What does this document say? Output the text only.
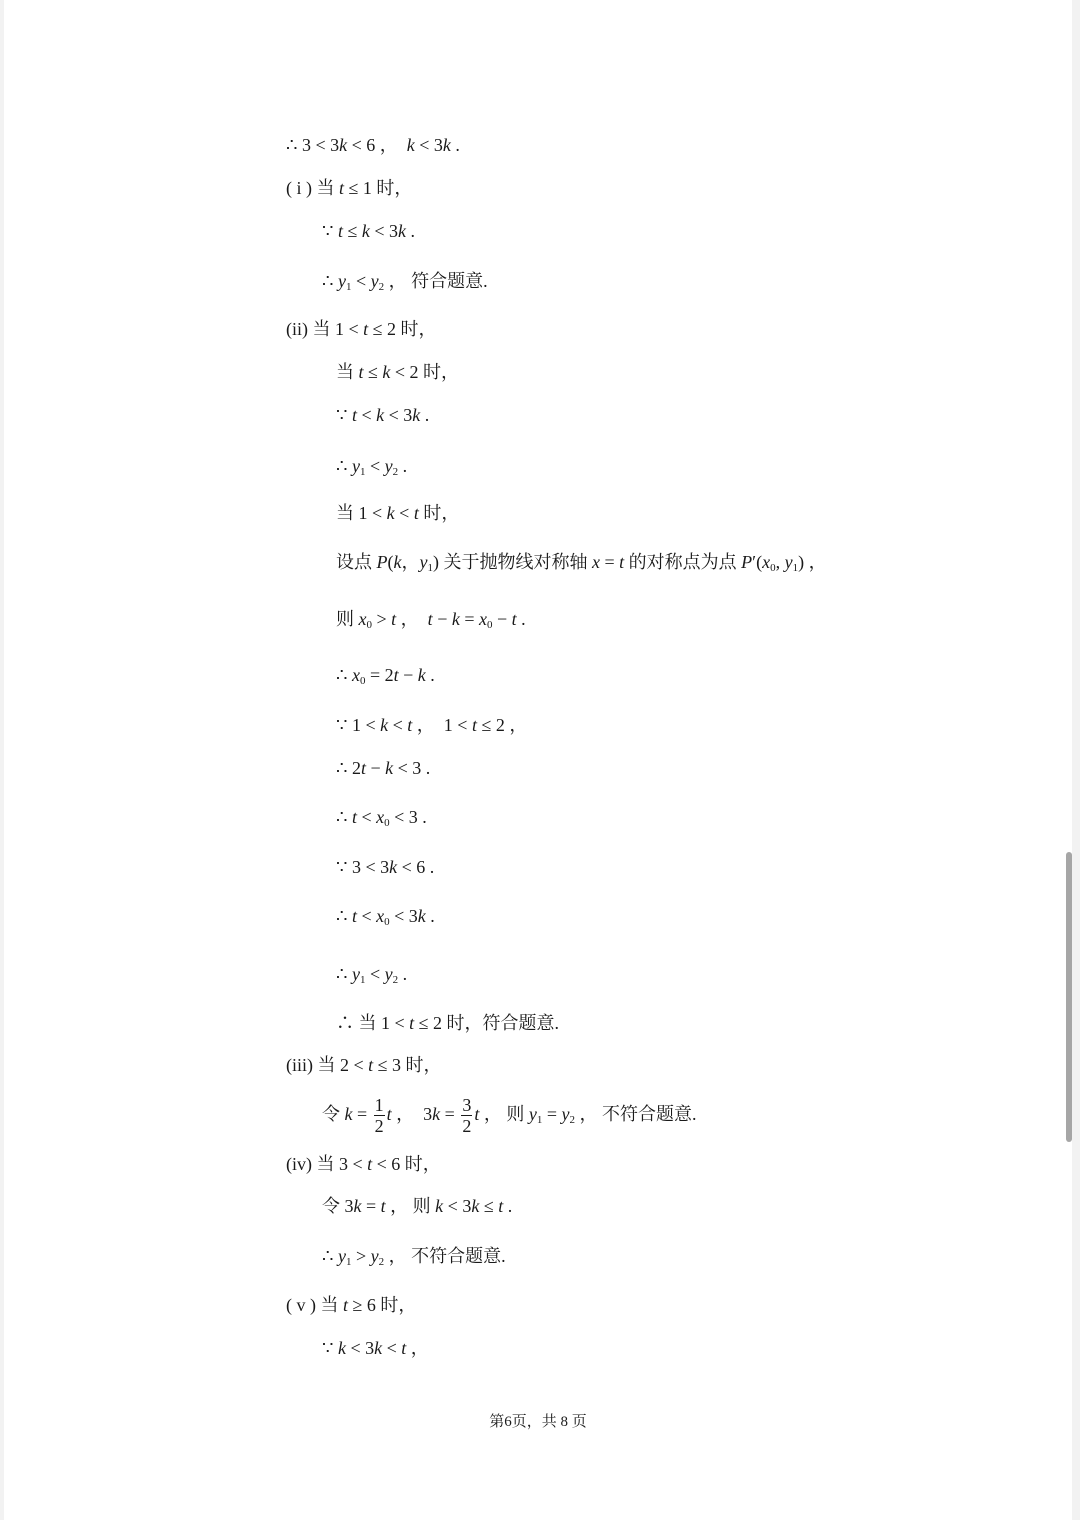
∴ 3 < 3k < 6 ，  k < 3k .
( i ) 当 t ≤ 1 时，
∵ t ≤ k < 3k .
∴ $y_1 < y_2$ ， 符合题意.
(ii) 当 1 < t ≤ 2 时，
当 t ≤ k < 2 时，
∵ t < k < 3k .
∴ $y_1 < y_2$ .
当 1 < k < t 时，
设点 P(k，$y_1$) 关于抛物线对称轴 x = t 的对称点为点 $P'(x_0$, $y_1$) ，
则 $x_0 > t$ ，  $t - k = x_0 - t$ .
∴ $x_0 = 2t - k$ .
∵ 1 < k < t ，  1 < t ≤ 2 ，
∴ 2t − k < 3 .
∴ $t < x_0 < 3$ .
∵ 3 < 3k < 6 .
∴ $t < x_0 < 3k$ .
∴ $y_1 < y_2$ .
∴ 当 1 < t ≤ 2 时，符合题意.
(iii) 当 2 < t ≤ 3 时，
令 $k = \frac{1}{2}$ t ，  $3k = \frac{3}{2}$ t ， 则 $y_1 = y_2$ ， 不符合题意.
(iv) 当 3 < t < 6 时，
令 3k = t ， 则 k < 3k ≤ t .
∴ $y_1 > y_2$ ， 不符合题意.
( v ) 当 t ≥ 6 时，
∵ k < 3k < t ，
第6页，共 8 页
